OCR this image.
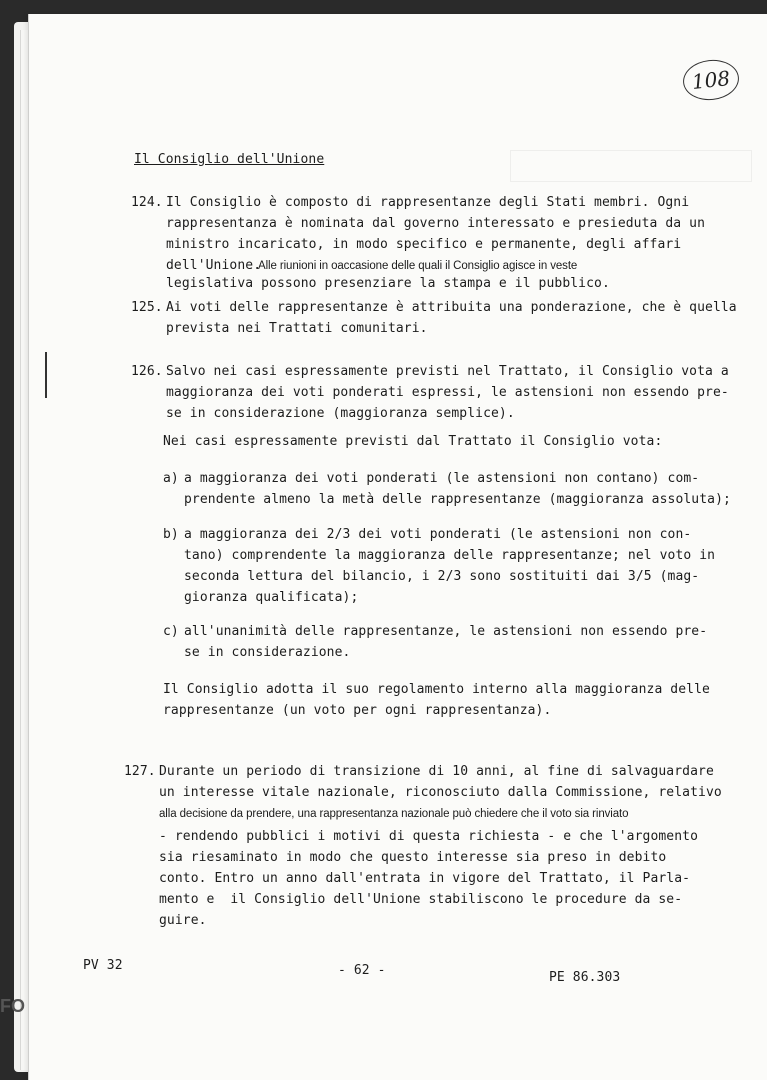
FO
108
Il Consiglio dell'Unione
124. Il Consiglio è composto di rappresentanze degli Stati membri. Ogni
rappresentanza è nominata dal governo interessato e presieduta da un
ministro incaricato, in modo specifico e permanente, degli affari
dell'Unione.
Alle riunioni in oaccasione delle quali il Consiglio agisce in veste
legislativa possono presenziare la stampa e il pubblico.
125. Ai voti delle rappresentanze è attribuita una ponderazione, che è quella
prevista nei Trattati comunitari.
126. Salvo nei casi espressamente previsti nel Trattato, il Consiglio vota a
maggioranza dei voti ponderati espressi, le astensioni non essendo pre-
se in considerazione (maggioranza semplice).
Nei casi espressamente previsti dal Trattato il Consiglio vota:
a) a maggioranza dei voti ponderati (le astensioni non contano) com-
prendente almeno la metà delle rappresentanze (maggioranza assoluta);
b) a maggioranza dei 2/3 dei voti ponderati (le astensioni non con-
tano) comprendente la maggioranza delle rappresentanze; nel voto in
seconda lettura del bilancio, i 2/3 sono sostituiti dai 3/5 (mag-
gioranza qualificata);
c) all'unanimità delle rappresentanze, le astensioni non essendo pre-
se in considerazione.
Il Consiglio adotta il suo regolamento interno alla maggioranza delle
rappresentanze (un voto per ogni rappresentanza).
127. Durante un periodo di transizione di 10 anni, al fine di salvaguardare
un interesse vitale nazionale, riconosciuto dalla Commissione, relativo
alla decisione da prendere, una rappresentanza nazionale può chiedere che il voto sia rinviato
- rendendo pubblici i motivi di questa richiesta - e che l'argomento
sia riesaminato in modo che questo interesse sia preso in debito
conto. Entro un anno dall'entrata in vigore del Trattato, il Parla-
mento e  il Consiglio dell'Unione stabiliscono le procedure da se-
guire.
PV 32	- 62 -	PE 86.303
